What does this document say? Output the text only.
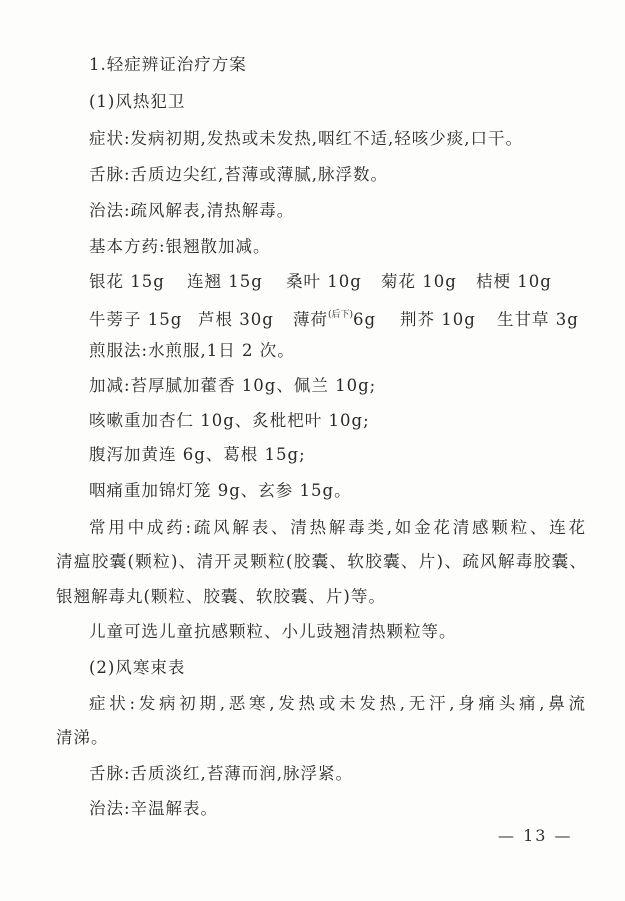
1.轻症辨证治疗方案
(1)风热犯卫
症状:发病初期,发热或未发热,咽红不适,轻咳少痰,口干。
舌脉:舌质边尖红,苔薄或薄腻,脉浮数。
治法:疏风解表,清热解毒。
基本方药:银翘散加减。
银花 15g 连翘 15g 桑叶 10g 菊花 10g 桔梗 10g
牛蒡子 15g 芦根 30g 薄荷$^{(后下)}$6g 荆芥 10g 生甘草 3g
煎服法:水煎服,1日 2 次。
加减:苔厚腻加藿香 10g、佩兰 10g;
咳嗽重加杏仁 10g、炙枇杷叶 10g;
腹泻加黄连 6g、葛根 15g;
咽痛重加锦灯笼 9g、玄参 15g。
常用中成药:疏风解表、清热解毒类,如金花清感颗粒、连花
清瘟胶囊(颗粒)、清开灵颗粒(胶囊、软胶囊、片)、疏风解毒胶囊、
银翘解毒丸(颗粒、胶囊、软胶囊、片)等。
儿童可选儿童抗感颗粒、小儿豉翘清热颗粒等。
(2)风寒束表
症状:发病初期,恶寒,发热或未发热,无汗,身痛头痛,鼻流
清涕。
舌脉:舌质淡红,苔薄而润,脉浮紧。
治法:辛温解表。
— 13 —
